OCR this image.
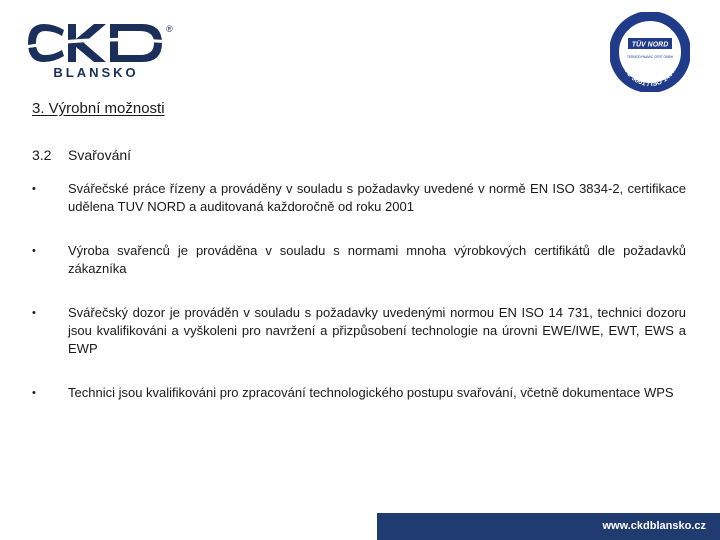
®
BLANSKO	ISO 9001 / ISO 14001
TÜV NORD
TERMODYNAMIC CERT GMBH
3. Výrobní možnosti
3.2 Svařování
•	Svářečské práce řízeny a prováděny v souladu s požadavky uvedené v normě EN ISO 3834-2, certifikace udělena TUV NORD a auditovaná každoročně od roku 2001
•	Výroba svařenců je prováděna v souladu s normami mnoha výrobkových certifikátů dle požadavků zákazníka
•	Svářečský dozor je prováděn v souladu s požadavky uvedenými normou EN ISO 14 731, technici dozoru jsou kvalifikováni a vyškoleni pro navržení a přizpůsobení technologie na úrovni EWE/IWE, EWT, EWS a EWP
•	Technici jsou kvalifikováni pro zpracování technologického postupu svařování, včetně dokumentace WPS
www.ckdblansko.cz
